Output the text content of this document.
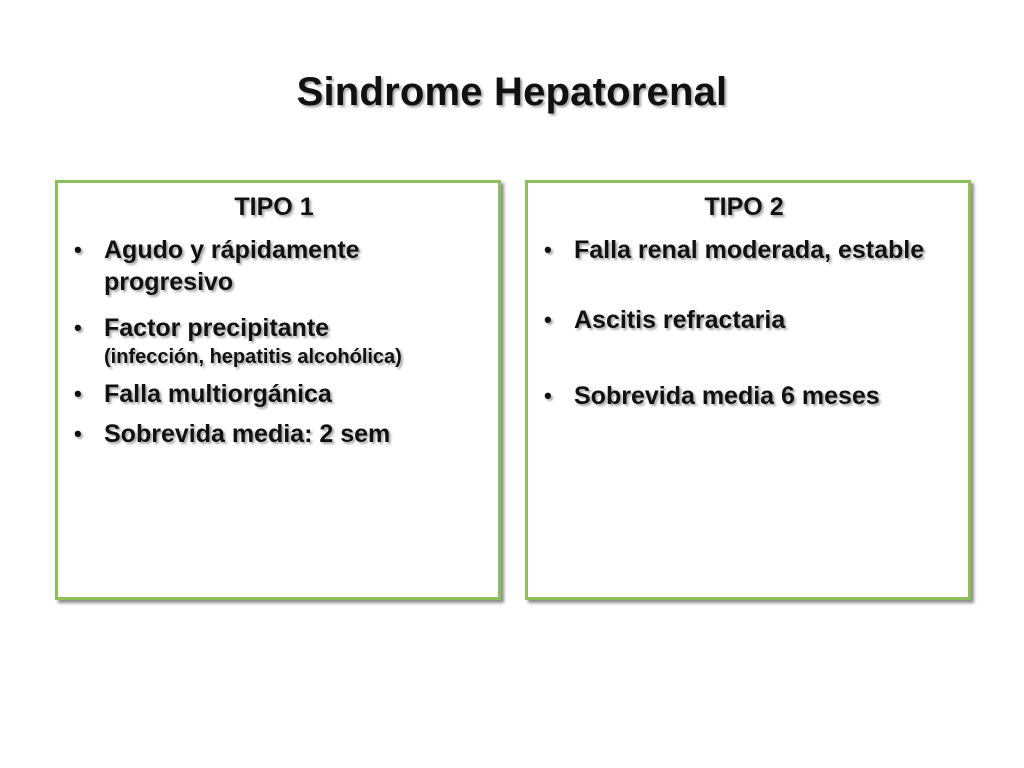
Sindrome Hepatorenal
TIPO 1
• Agudo y rápidamente progresivo
• Factor precipitante
(infección, hepatitis alcohólica)
• Falla multiorgánica
• Sobrevida media: 2 sem
TIPO 2
• Falla renal moderada, estable
• Ascitis refractaria
• Sobrevida media 6 meses
